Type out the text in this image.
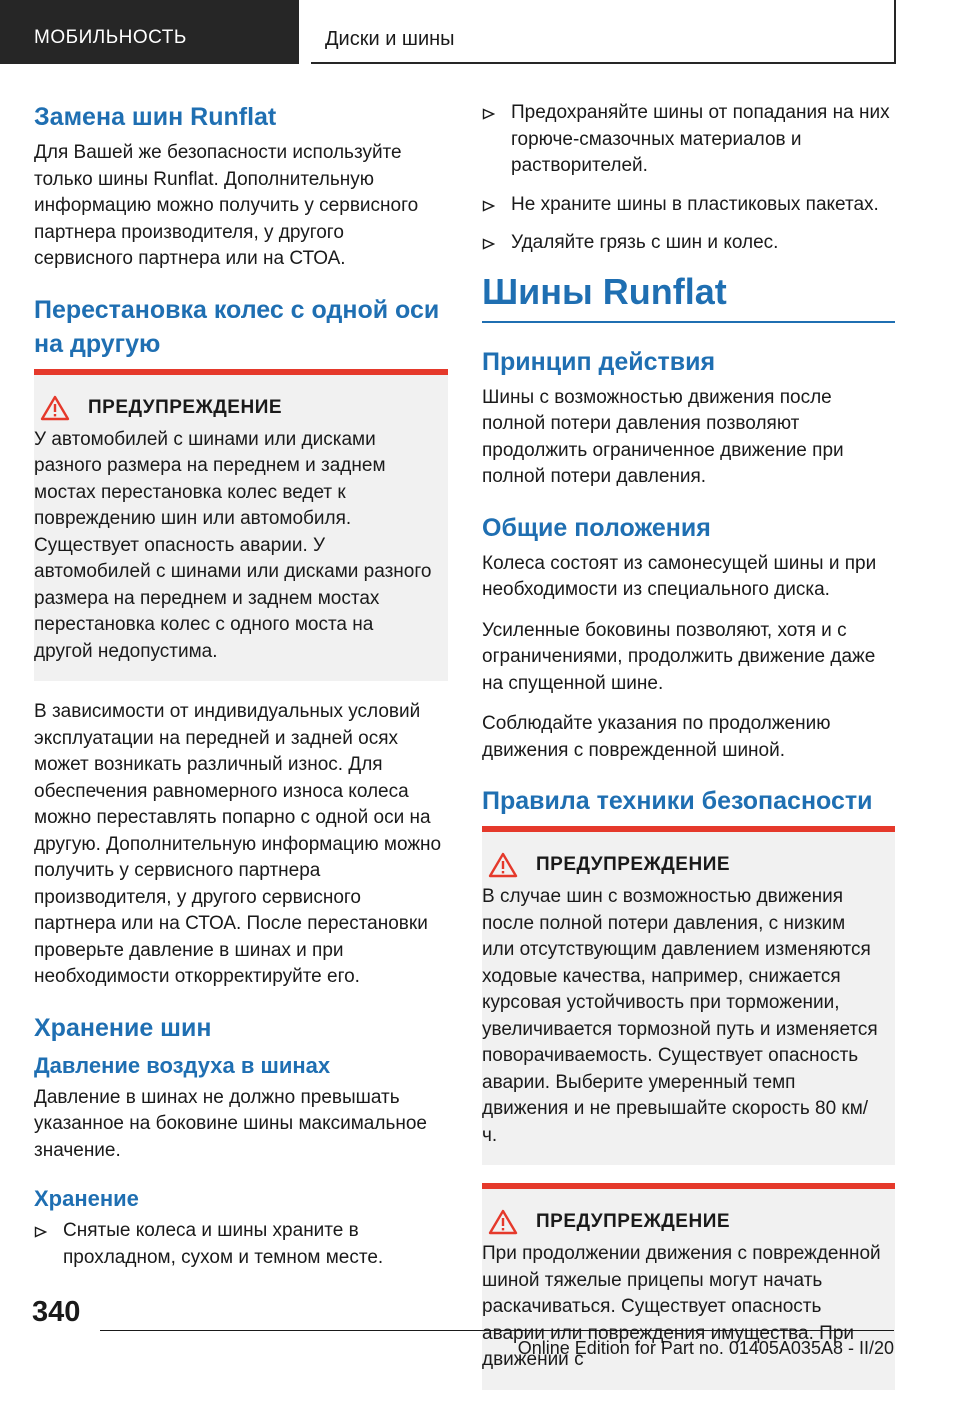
МОБИЛЬНОСТЬ	Диски и шины
Замена шин Runflat

Для Вашей же безопасности используйте только шины Runflat. Дополнительную информацию можно получить у сервисного партнера производителя, у другого сервисного партнера или на СТОА.

Перестановка колес с одной оси на другую
ПРЕДУПРЕЖДЕНИЕ

У автомобилей с шинами или дисками разного размера на переднем и заднем мостах перестановка колес ведет к повреждению шин или автомобиля. Существует опасность аварии. У автомобилей с шинами или дисками разного размера на переднем и заднем мостах перестановка колес с одного моста на другой недопустима.

В зависимости от индивидуальных условий эксплуатации на передней и задней осях может возникать различный износ. Для обеспечения равномерного износа колеса можно переставлять попарно с одной оси на другую. Дополнительную информацию можно получить у сервисного партнера производителя, у другого сервисного партнера или на СТОА. После перестановки проверьте давление в шинах и при необходимости откорректируйте его.

Хранение шин
Давление воздуха в шинах

Давление в шинах не должно превышать указанное на боковине шины максимальное значение.

Хранение
Снятые колеса и шины храните в прохладном, сухом и темном месте.
Предохраняйте шины от попадания на них горюче-смазочных материалов и растворителей.
Не храните шины в пластиковых пакетах.
Удаляйте грязь с шин и колес.
Шины Runflat
Принцип действия

Шины с возможностью движения после полной потери давления позволяют продолжить ограниченное движение при полной потери давления.

Общие положения

Колеса состоят из самонесущей шины и при необходимости из специального диска.

Усиленные боковины позволяют, хотя и с ограничениями, продолжить движение даже на спущенной шине.

Соблюдайте указания по продолжению движения с поврежденной шиной.

Правила техники безопасности
ПРЕДУПРЕЖДЕНИЕ

В случае шин с возможностью движения после полной потери давления, с низким или отсутствующим давлением изменяются ходовые качества, например, снижается курсовая устойчивость при торможении, увеличивается тормозной путь и изменяется поворачиваемость. Существует опасность аварии. Выберите умеренный темп движения и не превышайте скорость 80 км/ч.

ПРЕДУПРЕЖДЕНИЕ

При продолжении движения с поврежденной шиной тяжелые прицепы могут начать раскачиваться. Существует опасность аварии или повреждения имущества. При движении с

340
Online Edition for Part no. 01405A035A8 - II/20
